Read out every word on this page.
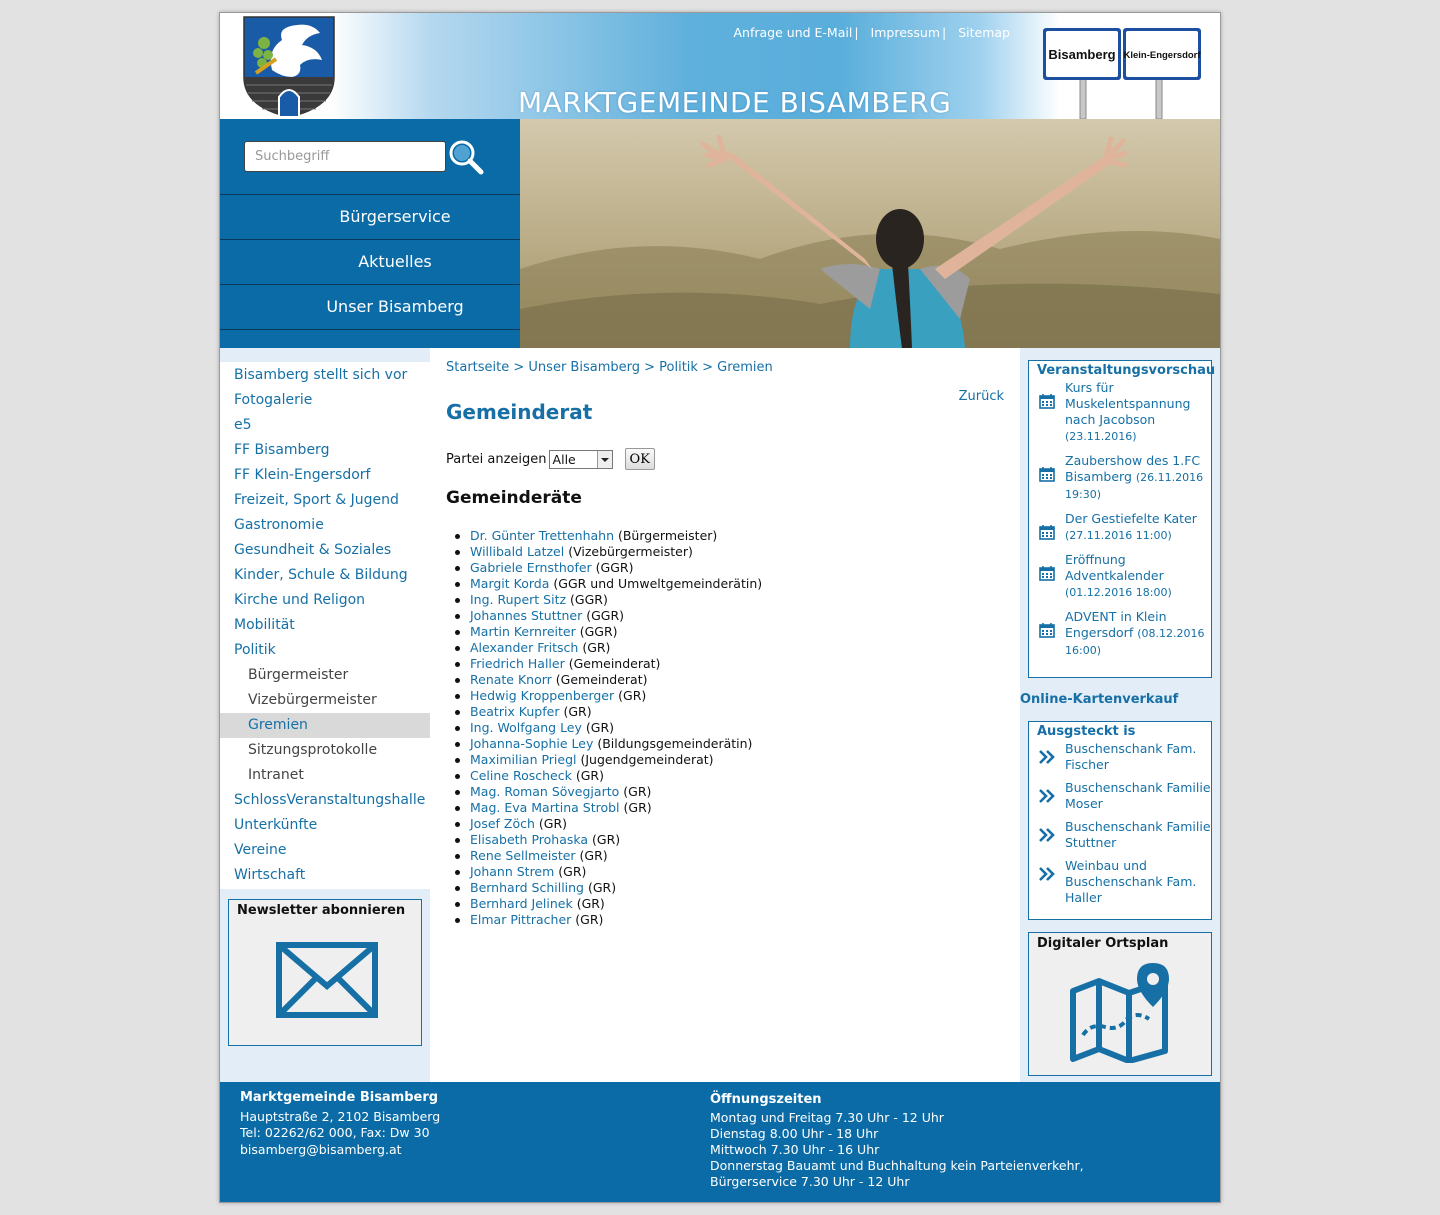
Anfrage und E-Mail | Impressum | Sitemap
MARKTGEMEINDE BISAMBERG
Bisamberg Klein-Engersdorf
Suchbegriff
Bürgerservice
Aktuelles
Unser Bisamberg
Bisamberg stellt sich vor
Fotogalerie
e5
FF Bisamberg
FF Klein-Engersdorf
Freizeit, Sport & Jugend
Gastronomie
Gesundheit & Soziales
Kinder, Schule & Bildung
Kirche und Religon
Mobilität
Politik
Bürgermeister
Vizebürgermeister
Gremien
Sitzungsprotokolle
Intranet
SchlossVeranstaltungshalle
Unterkünfte
Vereine
Wirtschaft
Newsletter abonnieren
Startseite > Unser Bisamberg > Politik > Gremien
Zurück
Gemeinderat
Partei anzeigen Alle	OK
Gemeinderäte
Dr. Günter Trettenhahn (Bürgermeister)
Willibald Latzel (Vizebürgermeister)
Gabriele Ernsthofer (GGR)
Margit Korda (GGR und Umweltgemeinderätin)
Ing. Rupert Sitz (GGR)
Johannes Stuttner (GGR)
Martin Kernreiter (GGR)
Alexander Fritsch (GR)
Friedrich Haller (Gemeinderat)
Renate Knorr (Gemeinderat)
Hedwig Kroppenberger (GR)
Beatrix Kupfer (GR)
Ing. Wolfgang Ley (GR)
Johanna-Sophie Ley (Bildungsgemeinderätin)
Maximilian Priegl (Jugendgemeinderat)
Celine Roscheck (GR)
Mag. Roman Sövegjarto (GR)
Mag. Eva Martina Strobl (GR)
Josef Zöch (GR)
Elisabeth Prohaska (GR)
Rene Sellmeister (GR)
Johann Strem (GR)
Bernhard Schilling (GR)
Bernhard Jelinek (GR)
Elmar Pittracher (GR)
Veranstaltungsvorschau
Kurs für Muskelentspannung nach Jacobson (23.11.2016)
Zaubershow des 1.FC Bisamberg (26.11.2016 19:30)
Der Gestiefelte Kater (27.11.2016 11:00)
Eröffnung Adventkalender (01.12.2016 18:00)
ADVENT in Klein Engersdorf (08.12.2016 16:00)
Online-Kartenverkauf
Ausgsteckt is
Buschenschank Fam. Fischer
Buschenschank Familie Moser
Buschenschank Familie Stuttner
Weinbau und Buschenschank Fam. Haller
Digitaler Ortsplan
Marktgemeinde Bisamberg
Hauptstraße 2, 2102 Bisamberg
Tel: 02262/62 000, Fax: Dw 30
bisamberg@bisamberg.at
Öffnungszeiten
Montag und Freitag 7.30 Uhr - 12 Uhr
Dienstag 8.00 Uhr - 18 Uhr
Mittwoch 7.30 Uhr - 16 Uhr
Donnerstag Bauamt und Buchhaltung kein Parteienverkehr,
Bürgerservice 7.30 Uhr - 12 Uhr
